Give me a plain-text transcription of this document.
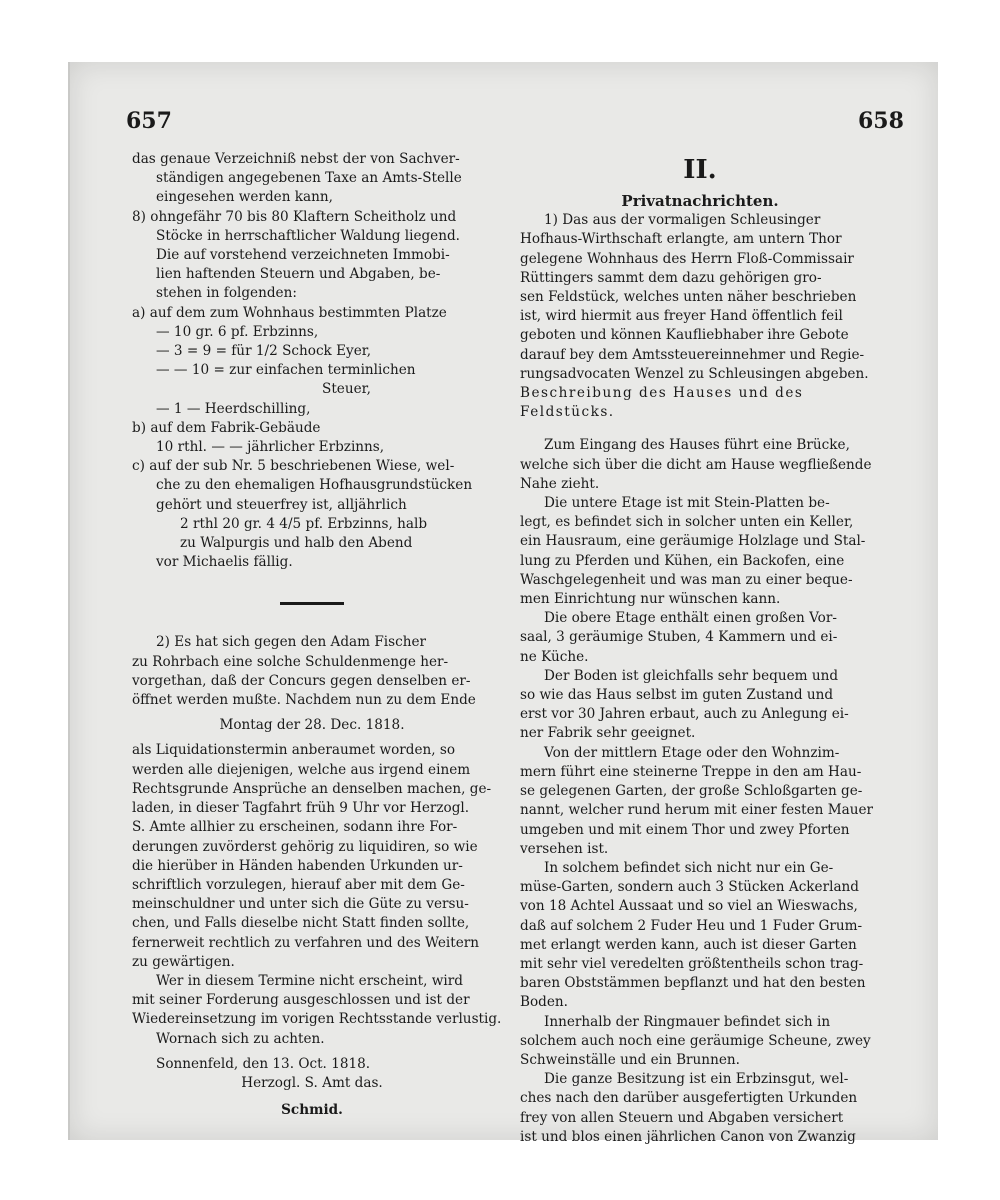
657	658

das genaue Verzeichniß nebst der von Sachver-
ständigen angegebenen Taxe an Amts-Stelle
eingesehen werden kann,

8) ohngefähr 70 bis 80 Klaftern Scheitholz und
Stöcke in herrschaftlicher Waldung liegend.

Die auf vorstehend verzeichneten Immobi-
lien haftenden Steuern und Abgaben, be-
stehen in folgenden:

a) auf dem zum Wohnhaus bestimmten Platze
— 10 gr. 6 pf. Erbzinns,
— 3 = 9 = für 1/2 Schock Eyer,
— — 10 = zur einfachen terminlichen
Steuer,
— 1 — Heerdschilling,

b) auf dem Fabrik-Gebäude
10 rthl. — — jährlicher Erbzinns,

c) auf der sub Nr. 5 beschriebenen Wiese, wel-
che zu den ehemaligen Hofhausgrundstücken
gehört und steuerfrey ist, alljährlich
2 rthl 20 gr. 4 4/5 pf. Erbzinns, halb
zu Walpurgis und halb den Abend
vor Michaelis fällig.

2) Es hat sich gegen den Adam Fischer
zu Rohrbach eine solche Schuldenmenge her-
vorgethan, daß der Concurs gegen denselben er-
öffnet werden mußte. Nachdem nun zu dem Ende

Montag der 28. Dec. 1818.

als Liquidationstermin anberaumet worden, so
werden alle diejenigen, welche aus irgend einem
Rechtsgrunde Ansprüche an denselben machen, ge-
laden, in dieser Tagfahrt früh 9 Uhr vor Herzogl.
S. Amte allhier zu erscheinen, sodann ihre For-
derungen zuvörderst gehörig zu liquidiren, so wie
die hierüber in Händen habenden Urkunden ur-
schriftlich vorzulegen, hierauf aber mit dem Ge-
meinschuldner und unter sich die Güte zu versu-
chen, und Falls dieselbe nicht Statt finden sollte,
fernerweit rechtlich zu verfahren und des Weitern
zu gewärtigen.

Wer in diesem Termine nicht erscheint, wird
mit seiner Forderung ausgeschlossen und ist der
Wiedereinsetzung im vorigen Rechtsstande verlustig.
Wornach sich zu achten.

Sonnenfeld, den 13. Oct. 1818.

Herzogl. S. Amt das.

Schmid.

II.
Privatnachrichten.

1) Das aus der vormaligen Schleusinger
Hofhaus-Wirthschaft erlangte, am untern Thor
gelegene Wohnhaus des Herrn Floß-Commissair
Rüttingers sammt dem dazu gehörigen gro-
sen Feldstück, welches unten näher beschrieben
ist, wird hiermit aus freyer Hand öffentlich feil
geboten und können Kaufliebhaber ihre Gebote
darauf bey dem Amtssteuereinnehmer und Regie-
rungsadvocaten Wenzel zu Schleusingen abgeben.

Beschreibung des Hauses und des Feldstücks.

Zum Eingang des Hauses führt eine Brücke,
welche sich über die dicht am Hause wegfließende
Nahe zieht.

Die untere Etage ist mit Stein-Platten be-
legt, es befindet sich in solcher unten ein Keller,
ein Hausraum, eine geräumige Holzlage und Stal-
lung zu Pferden und Kühen, ein Backofen, eine
Waschgelegenheit und was man zu einer beque-
men Einrichtung nur wünschen kann.

Die obere Etage enthält einen großen Vor-
saal, 3 geräumige Stuben, 4 Kammern und ei-
ne Küche.

Der Boden ist gleichfalls sehr bequem und
so wie das Haus selbst im guten Zustand und
erst vor 30 Jahren erbaut, auch zu Anlegung ei-
ner Fabrik sehr geeignet.

Von der mittlern Etage oder den Wohnzim-
mern führt eine steinerne Treppe in den am Hau-
se gelegenen Garten, der große Schloßgarten ge-
nannt, welcher rund herum mit einer festen Mauer
umgeben und mit einem Thor und zwey Pforten
versehen ist.

In solchem befindet sich nicht nur ein Ge-
müse-Garten, sondern auch 3 Stücken Ackerland
von 18 Achtel Aussaat und so viel an Wieswachs,
daß auf solchem 2 Fuder Heu und 1 Fuder Grum-
met erlangt werden kann, auch ist dieser Garten
mit sehr viel veredelten größtentheils schon trag-
baren Obststämmen bepflanzt und hat den besten
Boden.

Innerhalb der Ringmauer befindet sich in
solchem auch noch eine geräumige Scheune, zwey
Schweinställe und ein Brunnen.

Die ganze Besitzung ist ein Erbzinsgut, wel-
ches nach den darüber ausgefertigten Urkunden
frey von allen Steuern und Abgaben versichert
ist und blos einen jährlichen Canon von Zwanzig
